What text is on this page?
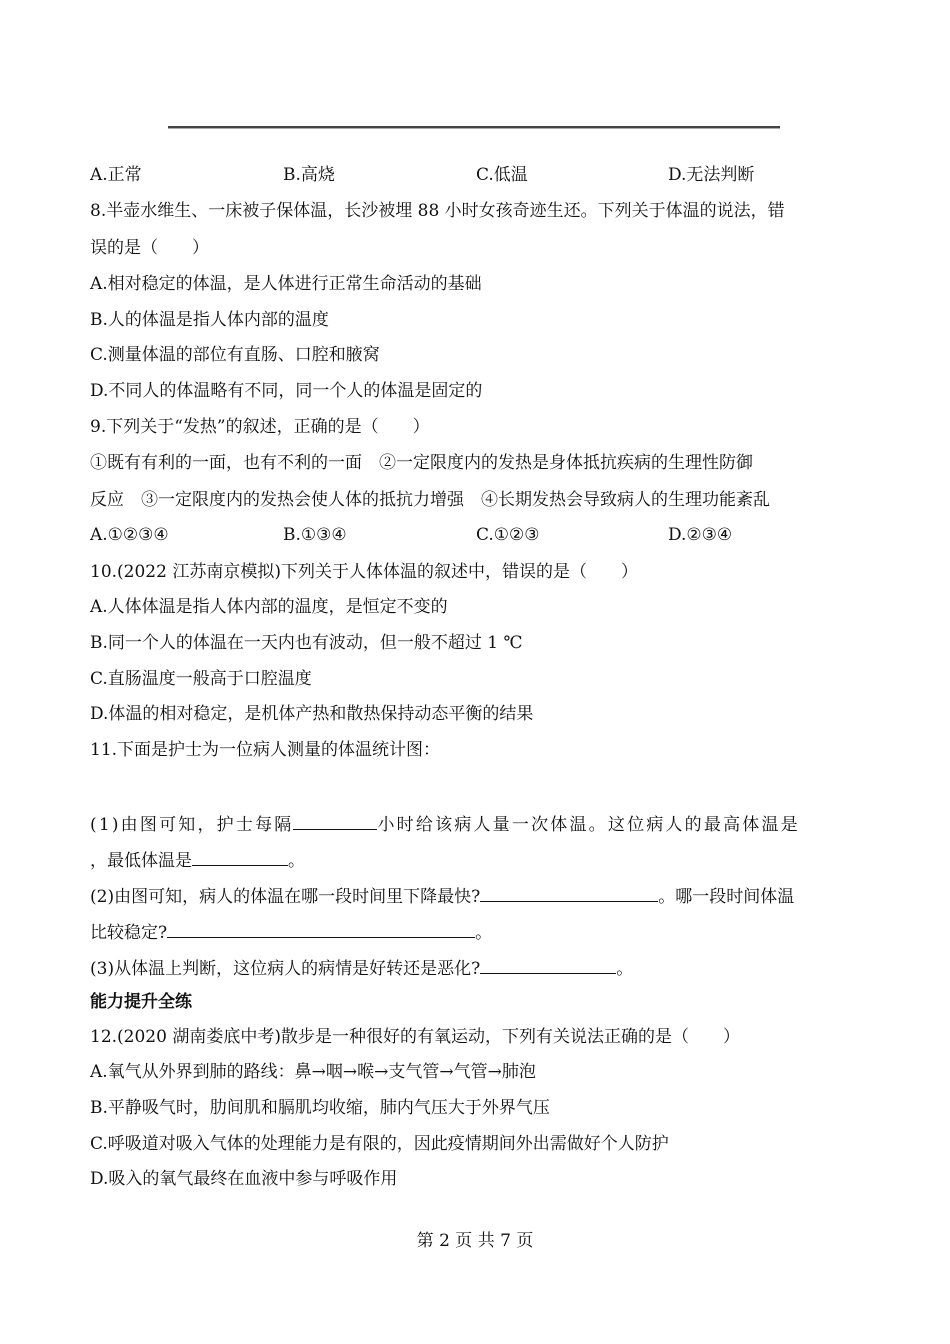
A.正常	B.高烧	C.低温	D.无法判断
8.半壶水维生、一床被子保体温，长沙被埋 88 小时女孩奇迹生还。下列关于体温的说法，错
误的是（　　）
A.相对稳定的体温，是人体进行正常生命活动的基础
B.人的体温是指人体内部的温度
C.测量体温的部位有直肠、口腔和腋窝
D.不同人的体温略有不同，同一个人的体温是固定的
9.下列关于“发热”的叙述，正确的是（　　）
①既有有利的一面，也有不利的一面　②一定限度内的发热是身体抵抗疾病的生理性防御
反应　③一定限度内的发热会使人体的抵抗力增强　④长期发热会导致病人的生理功能紊乱
A.①②③④	B.①③④	C.①②③	D.②③④
10.(2022 江苏南京模拟)下列关于人体体温的叙述中，错误的是（　　）
A.人体体温是指人体内部的温度，是恒定不变的
B.同一个人的体温在一天内也有波动，但一般不超过 1 ℃
C.直肠温度一般高于口腔温度
D.体温的相对稳定，是机体产热和散热保持动态平衡的结果
11.下面是护士为一位病人测量的体温统计图：
(1)由图可知，护士每隔	小时给该病人量一次体温。这位病人的最高体温是
，最低体温是	。
(2)由图可知，病人的体温在哪一段时间里下降最快?	。哪一段时间体温
比较稳定?	。
(3)从体温上判断，这位病人的病情是好转还是恶化?	。
能力提升全练
12.(2020 湖南娄底中考)散步是一种很好的有氧运动，下列有关说法正确的是（　　）
A.氧气从外界到肺的路线：鼻→咽→喉→支气管→气管→肺泡
B.平静吸气时，肋间肌和膈肌均收缩，肺内气压大于外界气压
C.呼吸道对吸入气体的处理能力是有限的，因此疫情期间外出需做好个人防护
D.吸入的氧气最终在血液中参与呼吸作用
第 2 页 共 7 页
